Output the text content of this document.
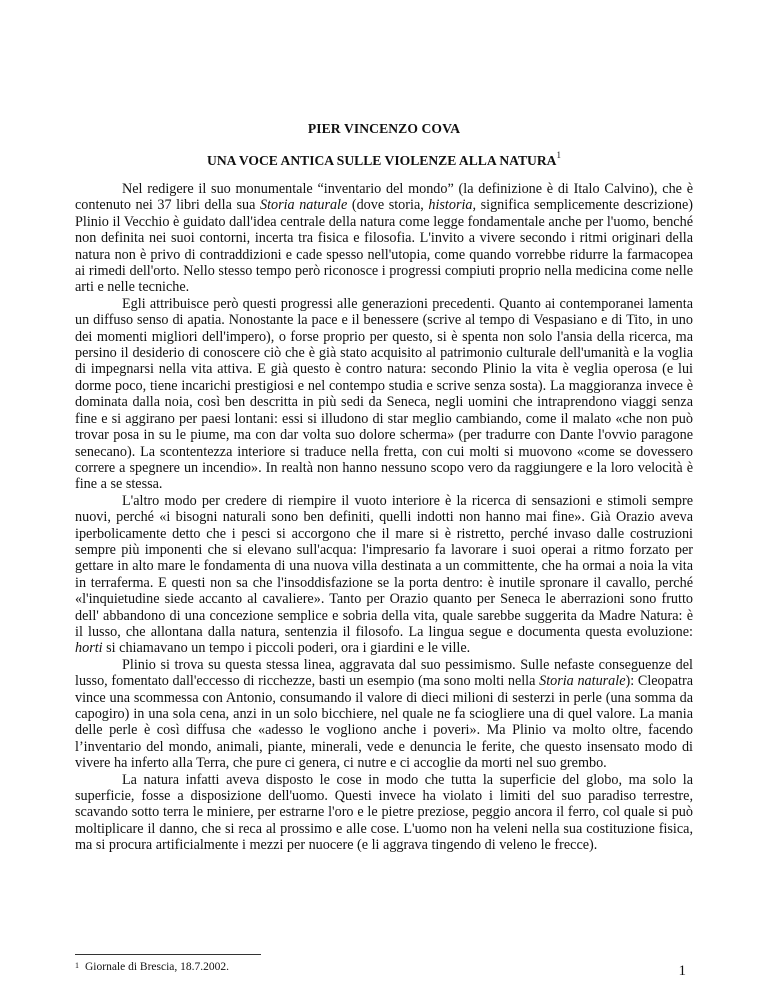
PIER VINCENZO COVA
UNA VOCE ANTICA SULLE VIOLENZE ALLA NATURA$^1$

Nel redigere il suo monumentale “inventario del mondo” (la definizione è di Italo Calvino), che è contenuto nei 37 libri della sua Storia naturale (dove storia, historia, significa semplicemente descrizione) Plinio il Vecchio è guidato dall'idea centrale della natura come legge fondamentale anche per l'uomo, benché non definita nei suoi contorni, incerta tra fisica e filosofia. L'invito a vivere secondo i ritmi originari della natura non è privo di contraddizioni e cade spesso nell'utopia, come quando vorrebbe ridurre la farmacopea ai rimedi dell'orto. Nello stesso tempo però riconosce i progressi compiuti proprio nella medicina come nelle arti e nelle tecniche.

Egli attribuisce però questi progressi alle generazioni precedenti. Quanto ai contemporanei lamenta un diffuso senso di apatia. Nonostante la pace e il benessere (scrive al tempo di Vespasiano e di Tito, in uno dei momenti migliori dell'impero), o forse proprio per questo, si è spenta non solo l'ansia della ricerca, ma persino il desiderio di conoscere ciò che è già stato acquisito al patrimonio culturale dell'umanità e la voglia di impegnarsi nella vita attiva. E già questo è contro natura: secondo Plinio la vita è veglia operosa (e lui dorme poco, tiene incarichi prestigiosi e nel contempo studia e scrive senza sosta). La maggioranza invece è dominata dalla noia, così ben descritta in più sedi da Seneca, negli uomini che intraprendono viaggi senza fine e si aggirano per paesi lontani: essi si illudono di star meglio cambiando, come il malato «che non può trovar posa in su le piume, ma con dar volta suo dolore scherma» (per tradurre con Dante l'ovvio paragone senecano). La scontentezza interiore si traduce nella fretta, con cui molti si muovono «come se dovessero correre a spegnere un incendio». In realtà non hanno nessuno scopo vero da raggiungere e la loro velocità è fine a se stessa.

L'altro modo per credere di riempire il vuoto interiore è la ricerca di sensazioni e stimoli sempre nuovi, perché «i bisogni naturali sono ben definiti, quelli indotti non hanno mai fine». Già Orazio aveva iperbolicamente detto che i pesci si accorgono che il mare si è ristretto, perché invaso dalle costruzioni sempre più imponenti che si elevano sull'acqua: l'impresario fa lavorare i suoi operai a ritmo forzato per gettare in alto mare le fondamenta di una nuova villa destinata a un committente, che ha ormai a noia la vita in terraferma. E questi non sa che l'insoddisfazione se la porta dentro: è inutile spronare il cavallo, perché «l'inquietudine siede accanto al cavaliere». Tanto per Orazio quanto per Seneca le aberrazioni sono frutto dell' abbandono di una concezione semplice e sobria della vita, quale sarebbe suggerita da Madre Natura: è il lusso, che allontana dalla natura, sentenzia il filosofo. La lingua segue e documenta questa evoluzione: horti si chiamavano un tempo i piccoli poderi, ora i giardini e le ville.

Plinio si trova su questa stessa linea, aggravata dal suo pessimismo. Sulle nefaste conseguenze del lusso, fomentato dall'eccesso di ricchezze, basti un esempio (ma sono molti nella Storia naturale): Cleopatra vince una scommessa con Antonio, consumando il valore di dieci milioni di sesterzi in perle (una somma da capogiro) in una sola cena, anzi in un solo bicchiere, nel quale ne fa sciogliere una di quel valore. La mania delle perle è così diffusa che «adesso le vogliono anche i poveri». Ma Plinio va molto oltre, facendo l’inventario del mondo, animali, piante, minerali, vede e denuncia le ferite, che questo insensato modo di vivere ha inferto alla Terra, che pure ci genera, ci nutre e ci accoglie da morti nel suo grembo.

La natura infatti aveva disposto le cose in modo che tutta la superficie del globo, ma solo la superficie, fosse a disposizione dell'uomo. Questi invece ha violato i limiti del suo paradiso terrestre, scavando sotto terra le miniere, per estrarne l'oro e le pietre preziose, peggio ancora il ferro, col quale si può moltiplicare il danno, che si reca al prossimo e alle cose. L'uomo non ha veleni nella sua costituzione fisica, ma si procura artificialmente i mezzi per nuocere (e li aggrava tingendo di veleno le frecce).

$^1$ Giornale di Brescia, 18.7.2002.	1
